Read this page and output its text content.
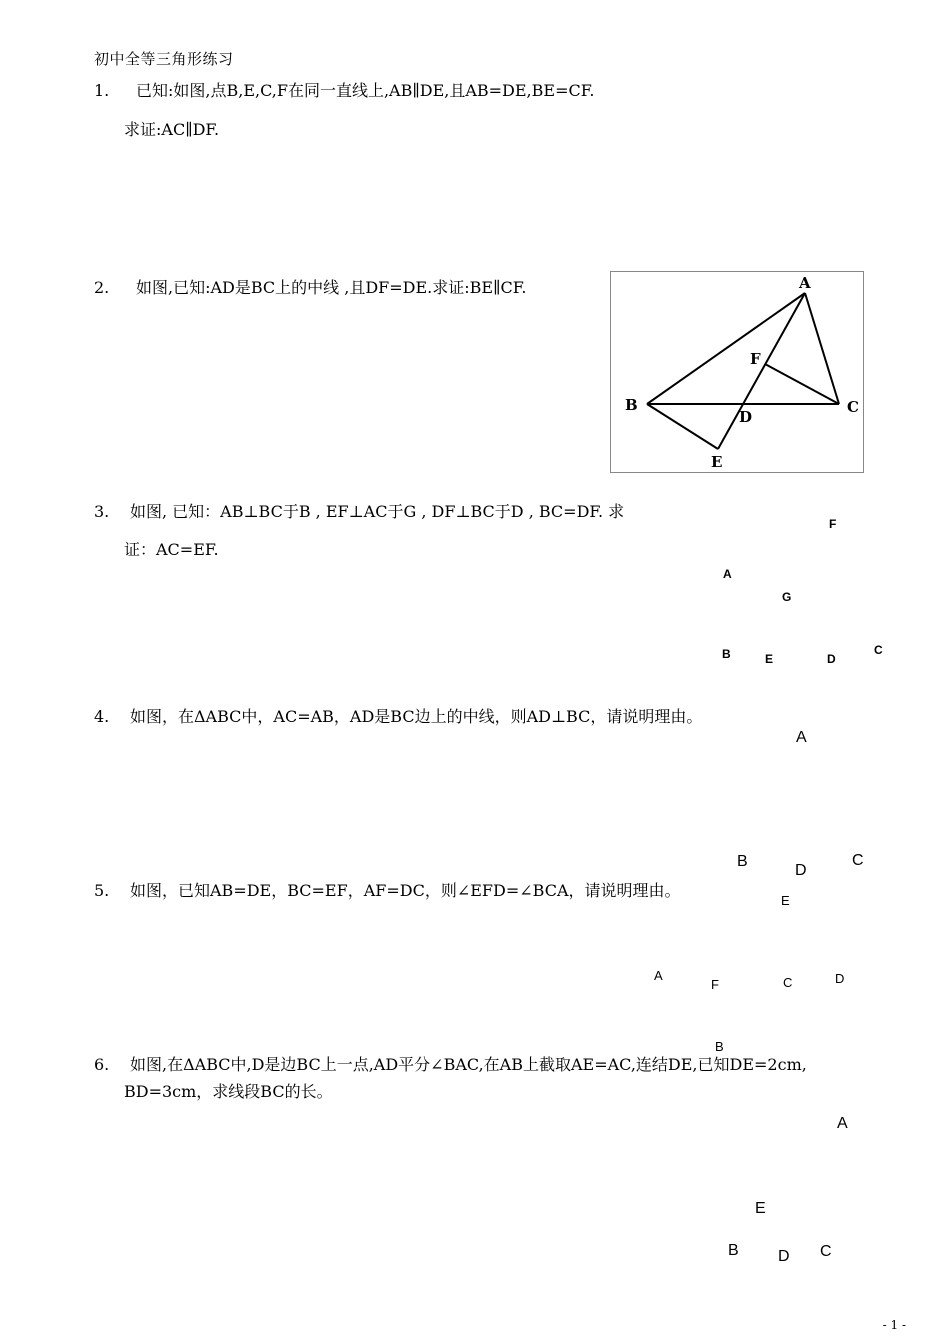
初中全等三角形练习
1. 已知:如图,点B,E,C,F在同一直线上,AB∥DE,且AB=DE,BE=CF.
求证:AC∥DF.
2. 如图,已知:AD是BC上的中线 ,且DF=DE.求证:BE∥CF.	A
B	C
D
E
F
3. 如图, 已知：AB⊥BC于B , EF⊥AC于G , DF⊥BC于D , BC=DF. 求
证：AC=EF.
F
A
G
B	E	D
C
4. 如图，在ΔABC中，AC=AB，AD是BC边上的中线，则AD⊥BC，请说明理由。
A
B
D
C
5. 如图，已知AB=DE，BC=EF，AF=DC，则∠EFD=∠BCA，请说明理由。
E
A
F	C	D
B
6. 如图,在ΔABC中,D是边BC上一点,AD平分∠BAC,在AB上截取AE=AC,连结DE,已知DE=2cm,
BD=3cm，求线段BC的长。
A
E
B D C
- 1 -
